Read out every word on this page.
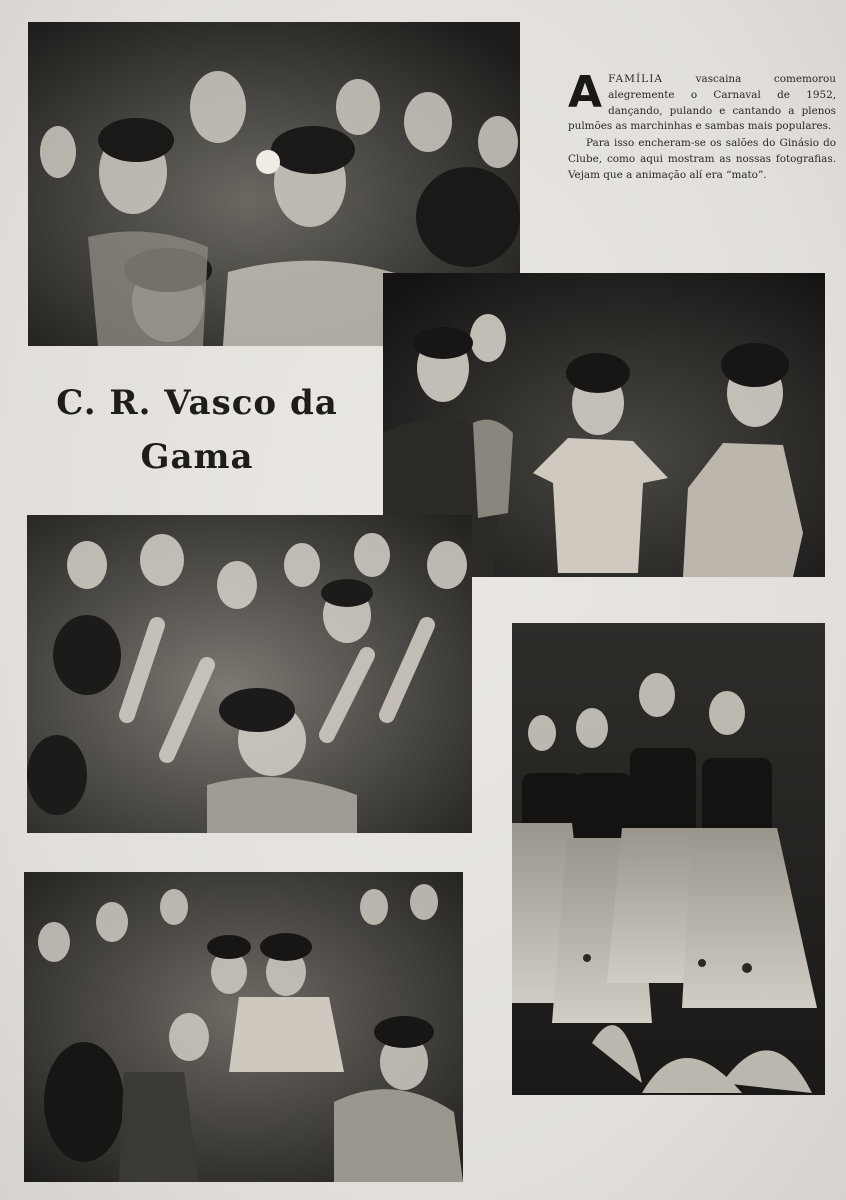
AFAMÍLIA vascaina comemorou alegremente o Carnaval de 1952, dançando, pulando e cantando a plenos pulmões as marchinhas e sambas mais populares.

Para isso encheram-se os salões do Ginásio do Clube, como aqui mostram as nossas fotografias. Vejam que a animação alí era “mato”.

C. R. Vasco da
Gama
